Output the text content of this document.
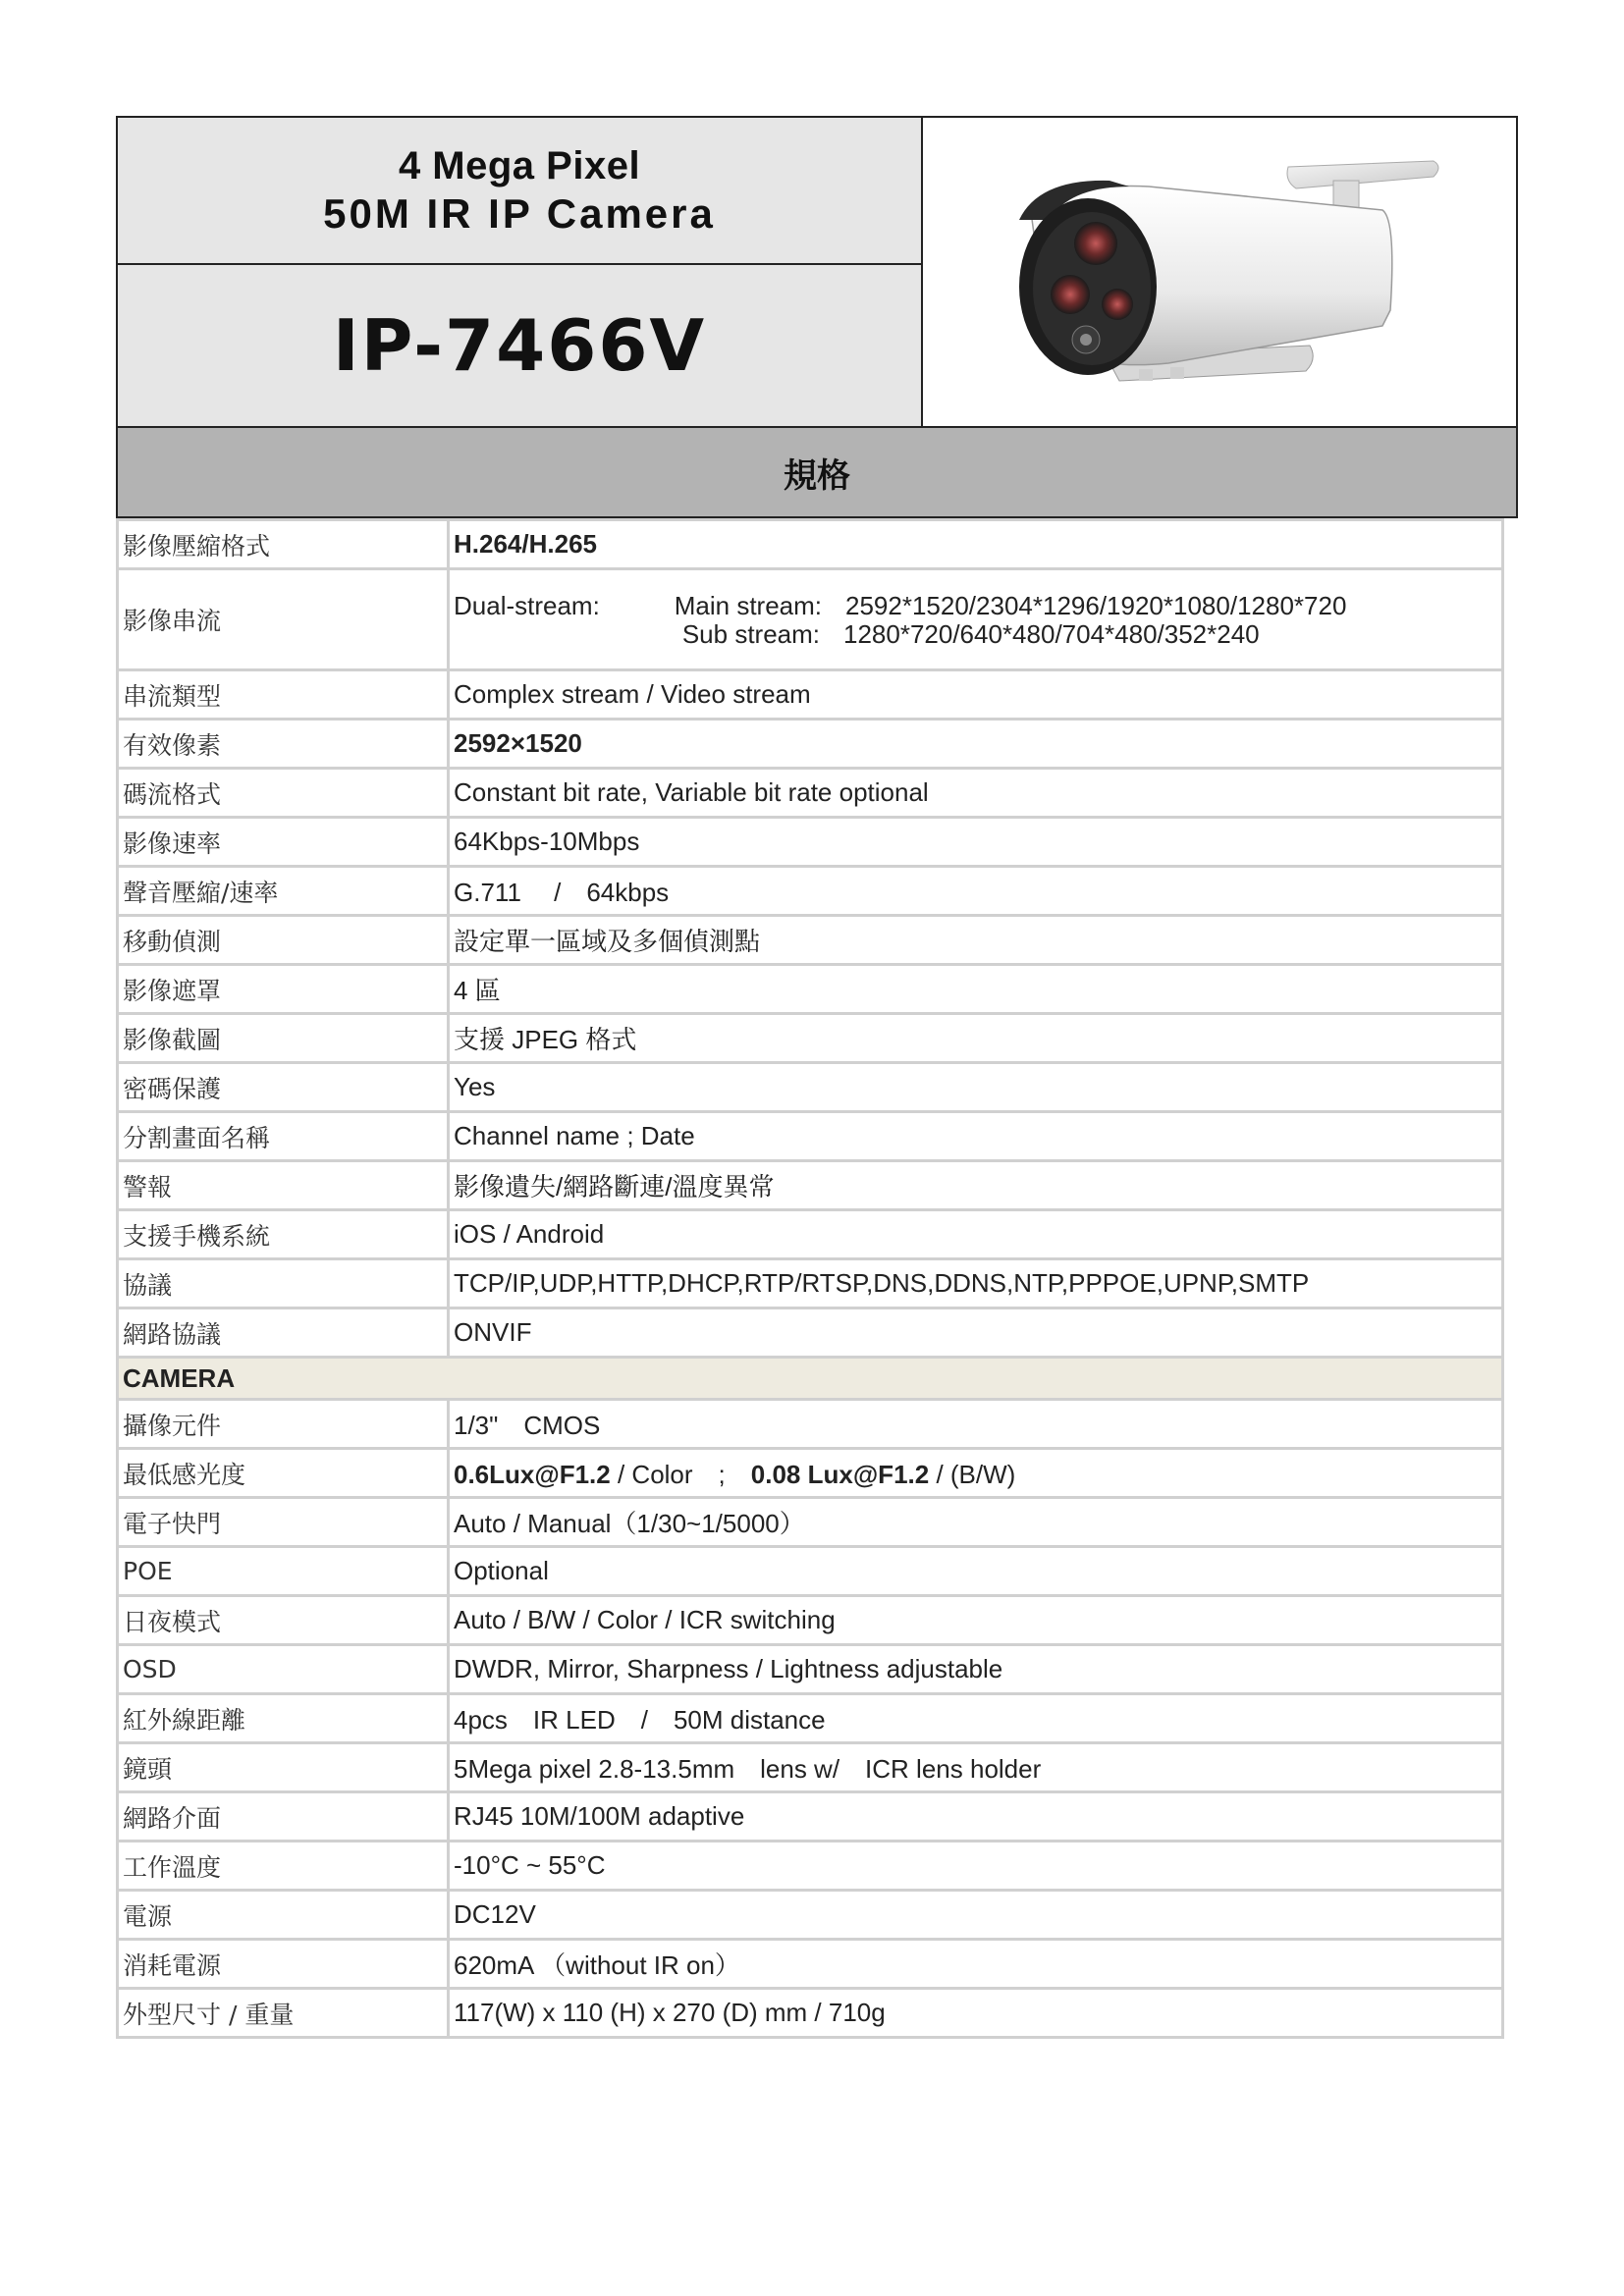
4 Mega Pixel
50M IR IP Camera
IP-7466V
規格
影像壓縮格式	H.264/H.265
影像串流	Dual-stream: Main stream: 2592*1520/2304*1296/1920*1080/1280*720
Sub stream: 1280*720/640*480/704*480/352*240

串流類型	Complex stream / Video stream
有效像素	2592×1520
碼流格式	Constant bit rate, Variable bit rate optional
影像速率	64Kbps-10Mbps
聲音壓縮/速率	G.711　 /　64kbps
移動偵測	設定單一區域及多個偵測點
影像遮罩	4 區
影像截圖	支援 JPEG 格式
密碼保護	Yes
分割畫面名稱	Channel name ; Date
警報	影像遺失/網路斷連/溫度異常
支援手機系統	iOS / Android
協議	TCP/IP,UDP,HTTP,DHCP,RTP/RTSP,DNS,DDNS,NTP,PPPOE,UPNP,SMTP
網路協議	ONVIF
CAMERA	
攝像元件	1/3"　CMOS
最低感光度	0.6Lux@F1.2 / Color　;　0.08 Lux@F1.2 / (B/W)
電子快門	Auto / Manual（1/30~1/5000）
POE	Optional
日夜模式	Auto / B/W / Color / ICR switching
OSD	DWDR, Mirror, Sharpness / Lightness adjustable
紅外線距離	4pcs　IR LED　/　50M distance
鏡頭	5Mega pixel 2.8-13.5mm　lens w/　ICR lens holder
網路介面	RJ45 10M/100M adaptive
工作溫度	-10°C ~ 55°C
電源	DC12V
消耗電源	620mA （without IR on）
外型尺寸 / 重量	117(W) x 110 (H) x 270 (D) mm / 710g
